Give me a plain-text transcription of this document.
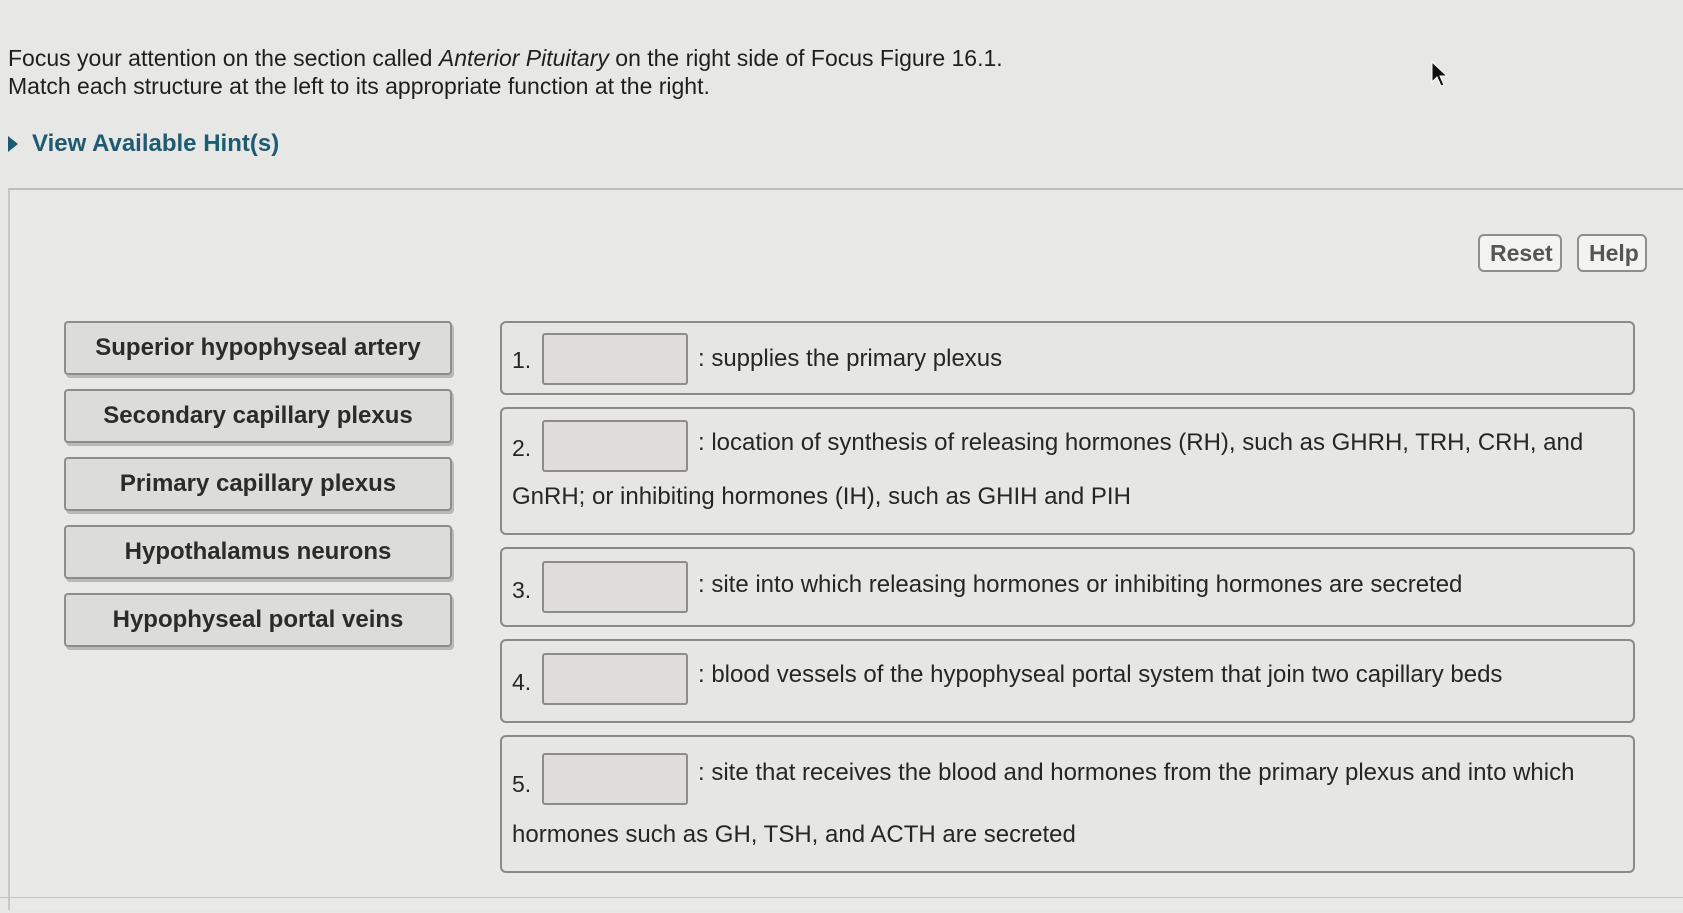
Focus your attention on the section called Anterior Pituitary on the right side of Focus Figure 16.1.
Match each structure at the left to its appropriate function at the right.
View Available Hint(s)
Reset	Help
Superior hypophyseal artery
Secondary capillary plexus
Primary capillary plexus
Hypothalamus neurons
Hypophyseal portal veins
1.	: supplies the primary plexus
2.	: location of synthesis of releasing hormones (RH), such as GHRH, TRH, CRH, and
GnRH; or inhibiting hormones (IH), such as GHIH and PIH
3.	: site into which releasing hormones or inhibiting hormones are secreted
4.	: blood vessels of the hypophyseal portal system that join two capillary beds
5.	: site that receives the blood and hormones from the primary plexus and into which
hormones such as GH, TSH, and ACTH are secreted
